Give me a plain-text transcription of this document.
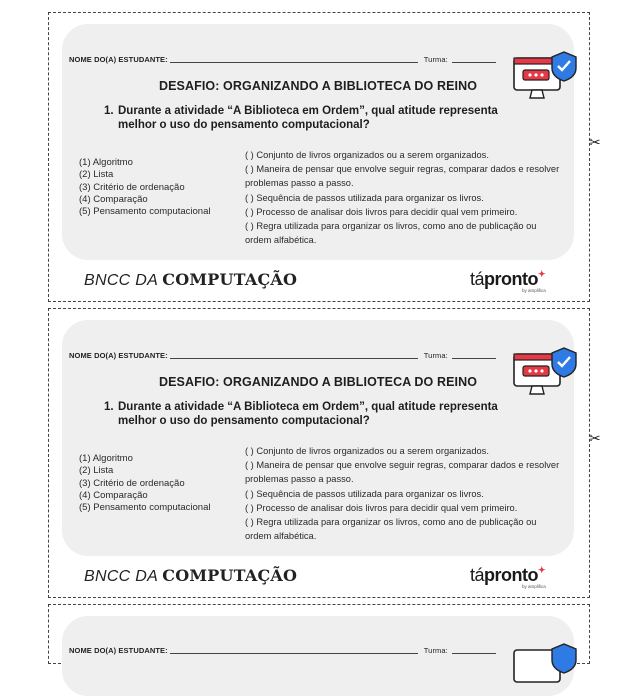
NOME DO(A) ESTUDANTE:	Turma:
DESAFIO: ORGANIZANDO A BIBLIOTECA DO REINO
1. Durante a atividade “A Biblioteca em Ordem”, qual atitude representa melhor o uso do pensamento computacional?
(1) Algoritmo
(2) Lista
(3) Critério de ordenação
(4) Comparação
(5) Pensamento computacional
( ) Conjunto de livros organizados ou a serem organizados.
( ) Maneira de pensar que envolve seguir regras, comparar dados e resolver problemas passo a passo.
( ) Sequência de passos utilizada para organizar os livros.
( ) Processo de analisar dois livros para decidir qual vem primeiro.
( ) Regra utilizada para organizar os livros, como ano de publicação ou ordem alfabética.
BNCC DA COMPUTAÇÃO	tápronto✦
by amplifica
NOME DO(A) ESTUDANTE:	Turma:
DESAFIO: ORGANIZANDO A BIBLIOTECA DO REINO
1. Durante a atividade “A Biblioteca em Ordem”, qual atitude representa melhor o uso do pensamento computacional?
(1) Algoritmo
(2) Lista
(3) Critério de ordenação
(4) Comparação
(5) Pensamento computacional
( ) Conjunto de livros organizados ou a serem organizados.
( ) Maneira de pensar que envolve seguir regras, comparar dados e resolver problemas passo a passo.
( ) Sequência de passos utilizada para organizar os livros.
( ) Processo de analisar dois livros para decidir qual vem primeiro.
( ) Regra utilizada para organizar os livros, como ano de publicação ou ordem alfabética.
BNCC DA COMPUTAÇÃO	tápronto✦
by amplifica
NOME DO(A) ESTUDANTE:	Turma:
✂
✂
